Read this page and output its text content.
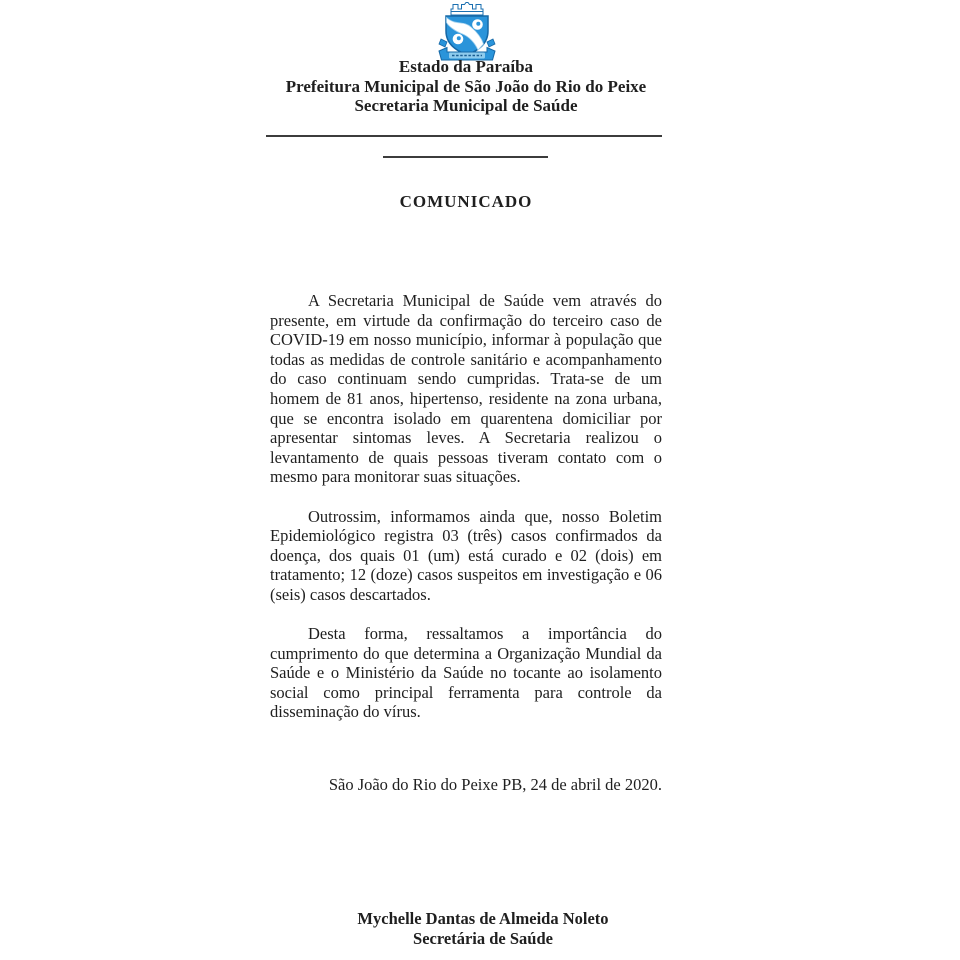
Estado da Paraíba
Prefeitura Municipal de São João do Rio do Peixe
Secretaria Municipal de Saúde
COMUNICADO

A Secretaria Municipal de Saúde vem através do presente, em virtude da confirmação do terceiro caso de COVID-19 em nosso município, informar à população que todas as medidas de controle sanitário e acompanhamento do caso continuam sendo cumpridas. Trata-se de um homem de 81 anos, hipertenso, residente na zona urbana, que se encontra isolado em quarentena domiciliar por apresentar sintomas leves. A Secretaria realizou o levantamento de quais pessoas tiveram contato com o mesmo para monitorar suas situações.

Outrossim, informamos ainda que, nosso Boletim Epidemiológico registra 03 (três) casos confirmados da doença, dos quais 01 (um) está curado e 02 (dois) em tratamento; 12 (doze) casos suspeitos em investigação e 06 (seis) casos descartados.

Desta forma, ressaltamos a importância do cumprimento do que determina a Organização Mundial da Saúde e o Ministério da Saúde no tocante ao isolamento social como principal ferramenta para controle da disseminação do vírus.

São João do Rio do Peixe PB, 24 de abril de 2020.
Mychelle Dantas de Almeida Noleto
Secretária de Saúde
